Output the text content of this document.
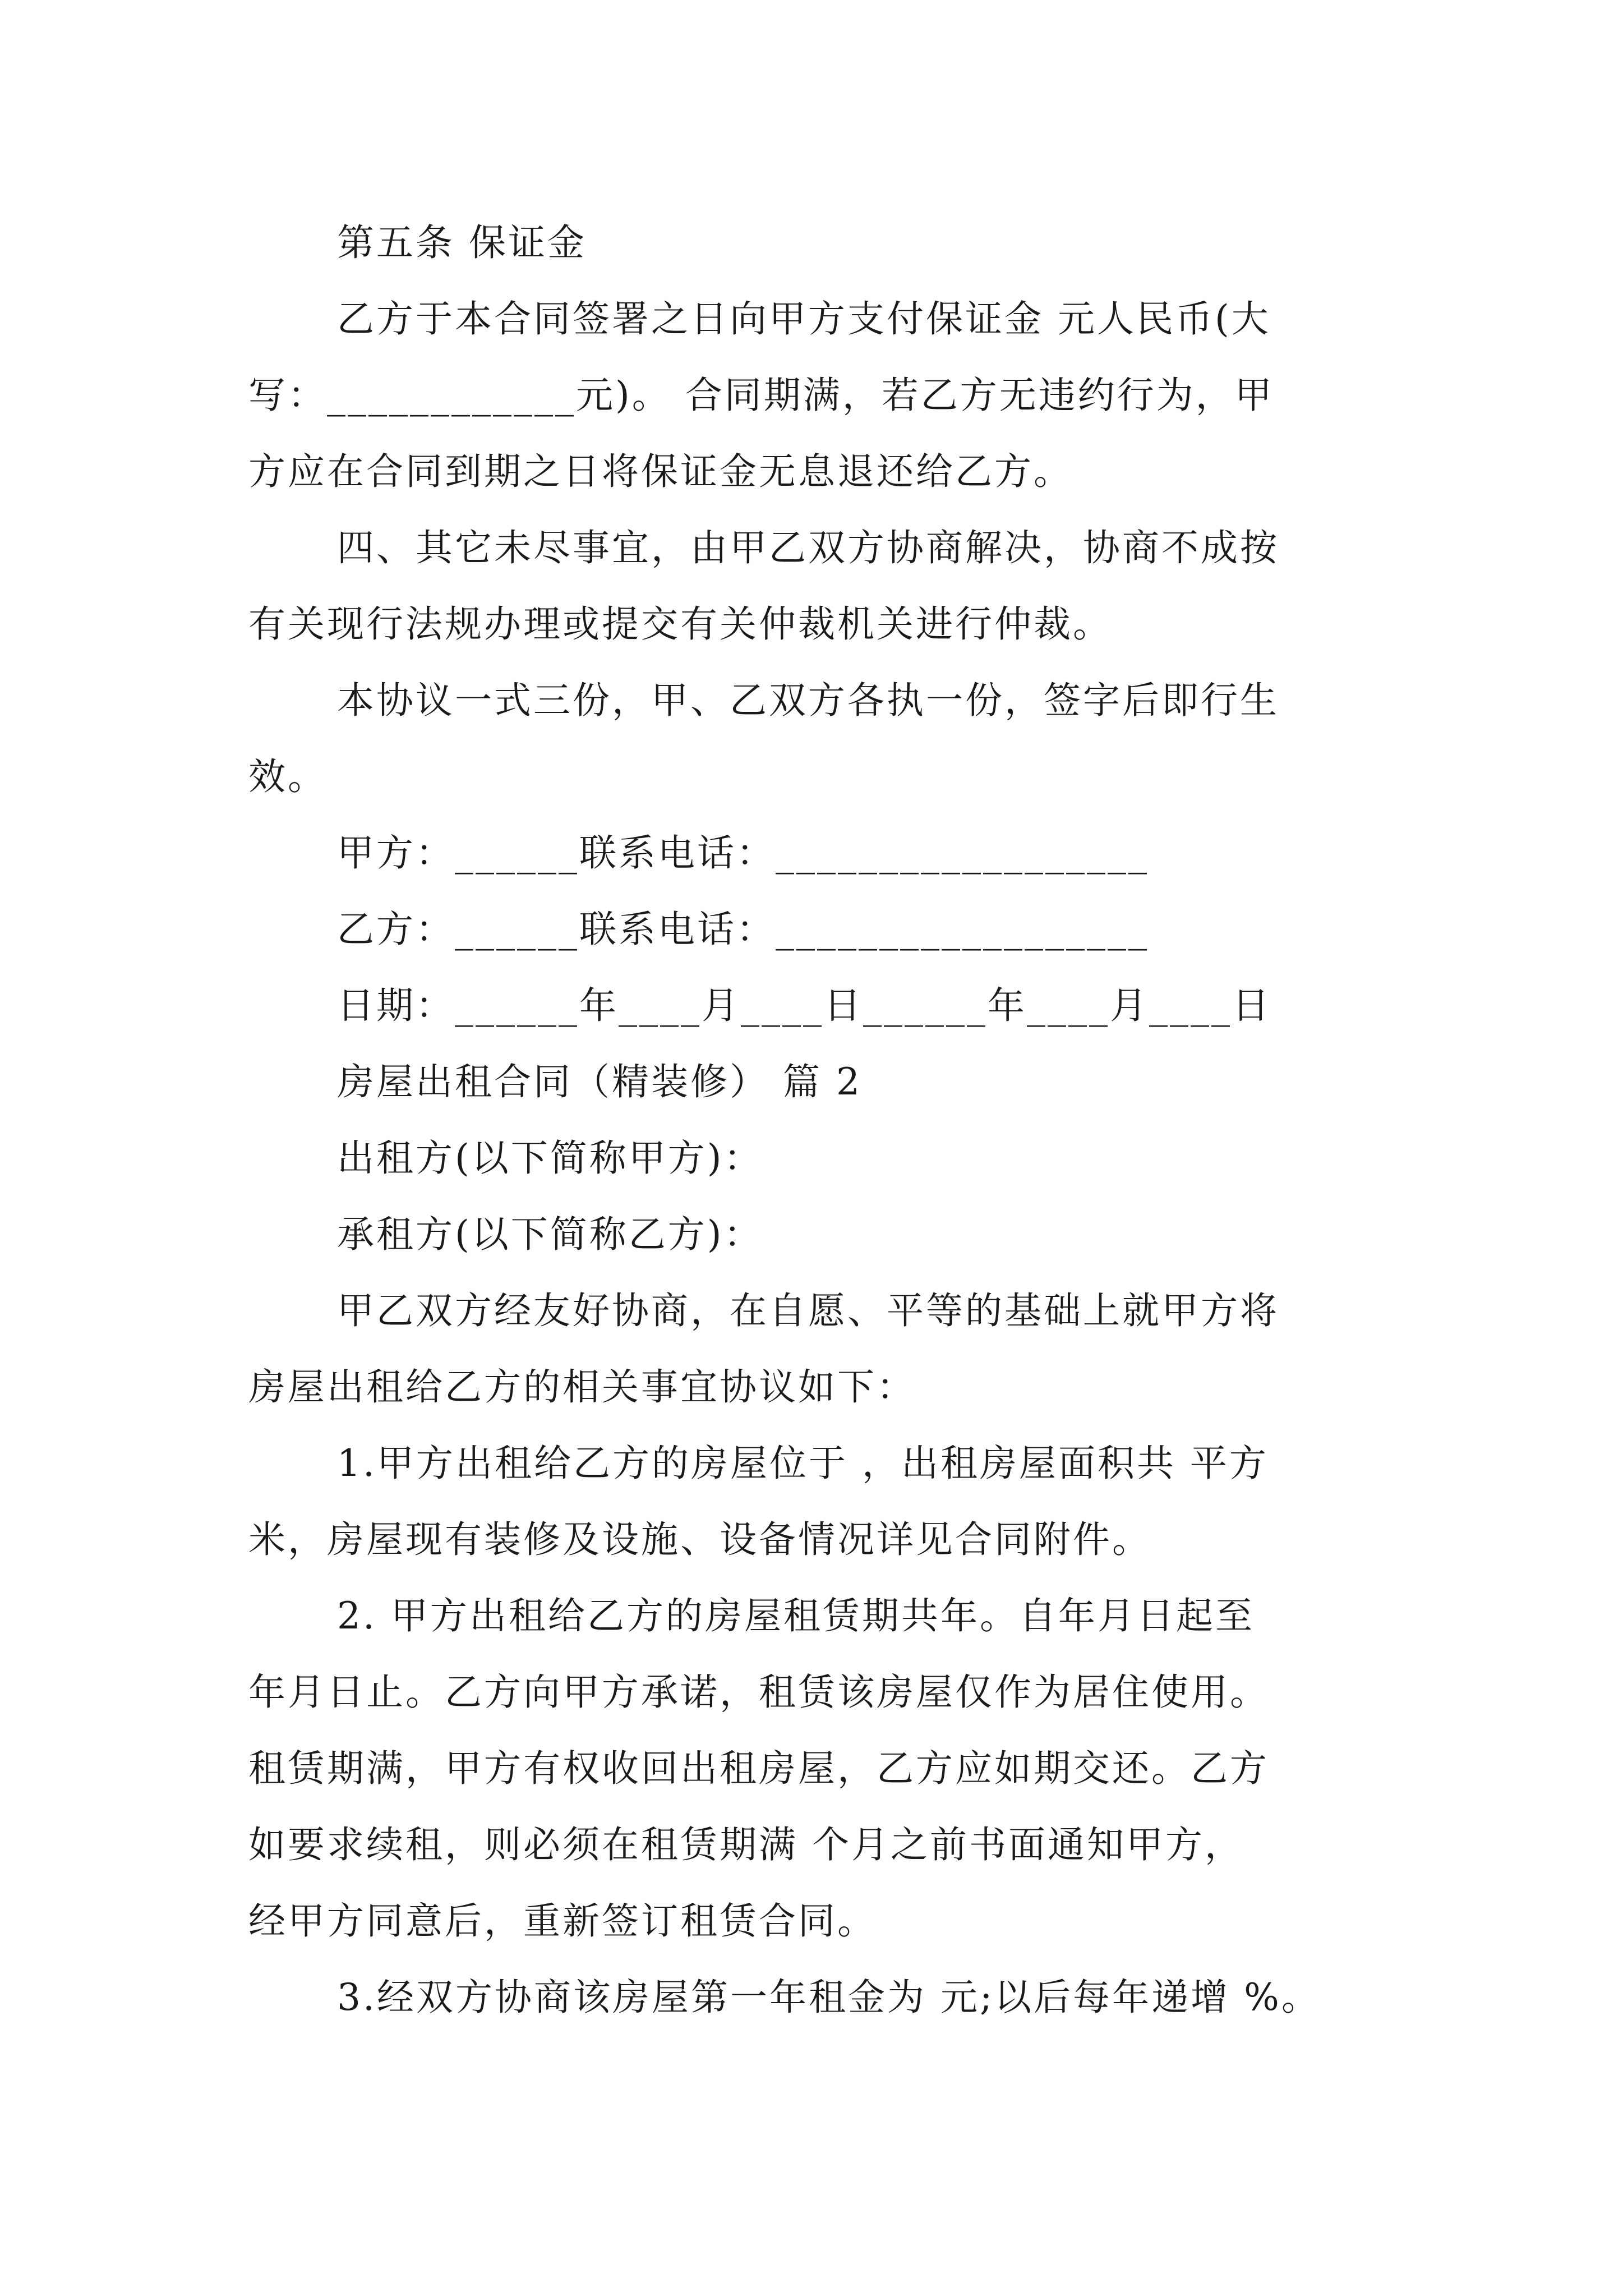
第五条 保证金
乙方于本合同签署之日向甲方支付保证金 元人民币(大
写：____________元)。 合同期满，若乙方无违约行为，甲
方应在合同到期之日将保证金无息退还给乙方。
四、其它未尽事宜，由甲乙双方协商解决，协商不成按
有关现行法规办理或提交有关仲裁机关进行仲裁。
本协议一式三份，甲、乙双方各执一份，签字后即行生
效。
甲方：______联系电话：__________________
乙方：______联系电话：__________________
日期：______年____月____日______年____月____日
房屋出租合同（精装修） 篇 2
出租方(以下简称甲方)：
承租方(以下简称乙方)：
甲乙双方经友好协商，在自愿、平等的基础上就甲方将
房屋出租给乙方的相关事宜协议如下：
1.甲方出租给乙方的房屋位于 ，出租房屋面积共 平方
米，房屋现有装修及设施、设备情况详见合同附件。
2. 甲方出租给乙方的房屋租赁期共年。自年月日起至
年月日止。乙方向甲方承诺，租赁该房屋仅作为居住使用。
租赁期满，甲方有权收回出租房屋，乙方应如期交还。乙方
如要求续租，则必须在租赁期满 个月之前书面通知甲方，
经甲方同意后，重新签订租赁合同。
3.经双方协商该房屋第一年租金为 元;以后每年递增 %。
